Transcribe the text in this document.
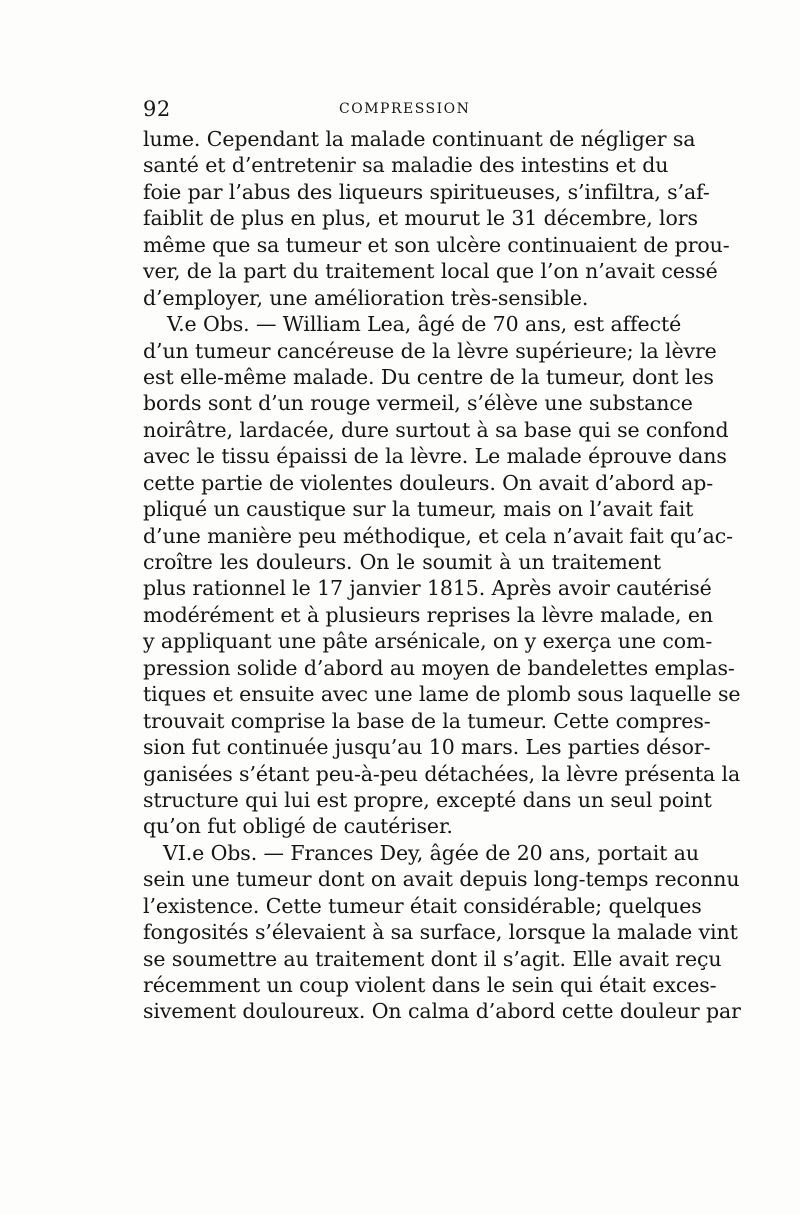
92	COMPRESSION
lume. Cependant la malade continuant de négliger sa
santé et d’entretenir sa maladie des intestins et du
foie par l’abus des liqueurs spiritueuses, s’infiltra, s’af-
faiblit de plus en plus, et mourut le 31 décembre, lors
même que sa tumeur et son ulcère continuaient de prou-
ver, de la part du traitement local que l’on n’avait cessé
d’employer, une amélioration très-sensible.
V.e Obs. — William Lea, âgé de 70 ans, est affecté
d’un tumeur cancéreuse de la lèvre supérieure; la lèvre
est elle-même malade. Du centre de la tumeur, dont les
bords sont d’un rouge vermeil, s’élève une substance
noirâtre, lardacée, dure surtout à sa base qui se confond
avec le tissu épaissi de la lèvre. Le malade éprouve dans
cette partie de violentes douleurs. On avait d’abord ap-
pliqué un caustique sur la tumeur, mais on l’avait fait
d’une manière peu méthodique, et cela n’avait fait qu’ac-
croître les douleurs. On le soumit à un traitement
plus rationnel le 17 janvier 1815. Après avoir cautérisé
modérément et à plusieurs reprises la lèvre malade, en
y appliquant une pâte arsénicale, on y exerça une com-
pression solide d’abord au moyen de bandelettes emplas-
tiques et ensuite avec une lame de plomb sous laquelle se
trouvait comprise la base de la tumeur. Cette compres-
sion fut continuée jusqu’au 10 mars. Les parties désor-
ganisées s’étant peu-à-peu détachées, la lèvre présenta la
structure qui lui est propre, excepté dans un seul point
qu’on fut obligé de cautériser.
VI.e Obs. — Frances Dey, âgée de 20 ans, portait au
sein une tumeur dont on avait depuis long-temps reconnu
l’existence. Cette tumeur était considérable; quelques
fongosités s’élevaient à sa surface, lorsque la malade vint
se soumettre au traitement dont il s’agit. Elle avait reçu
récemment un coup violent dans le sein qui était exces-
sivement douloureux. On calma d’abord cette douleur par
